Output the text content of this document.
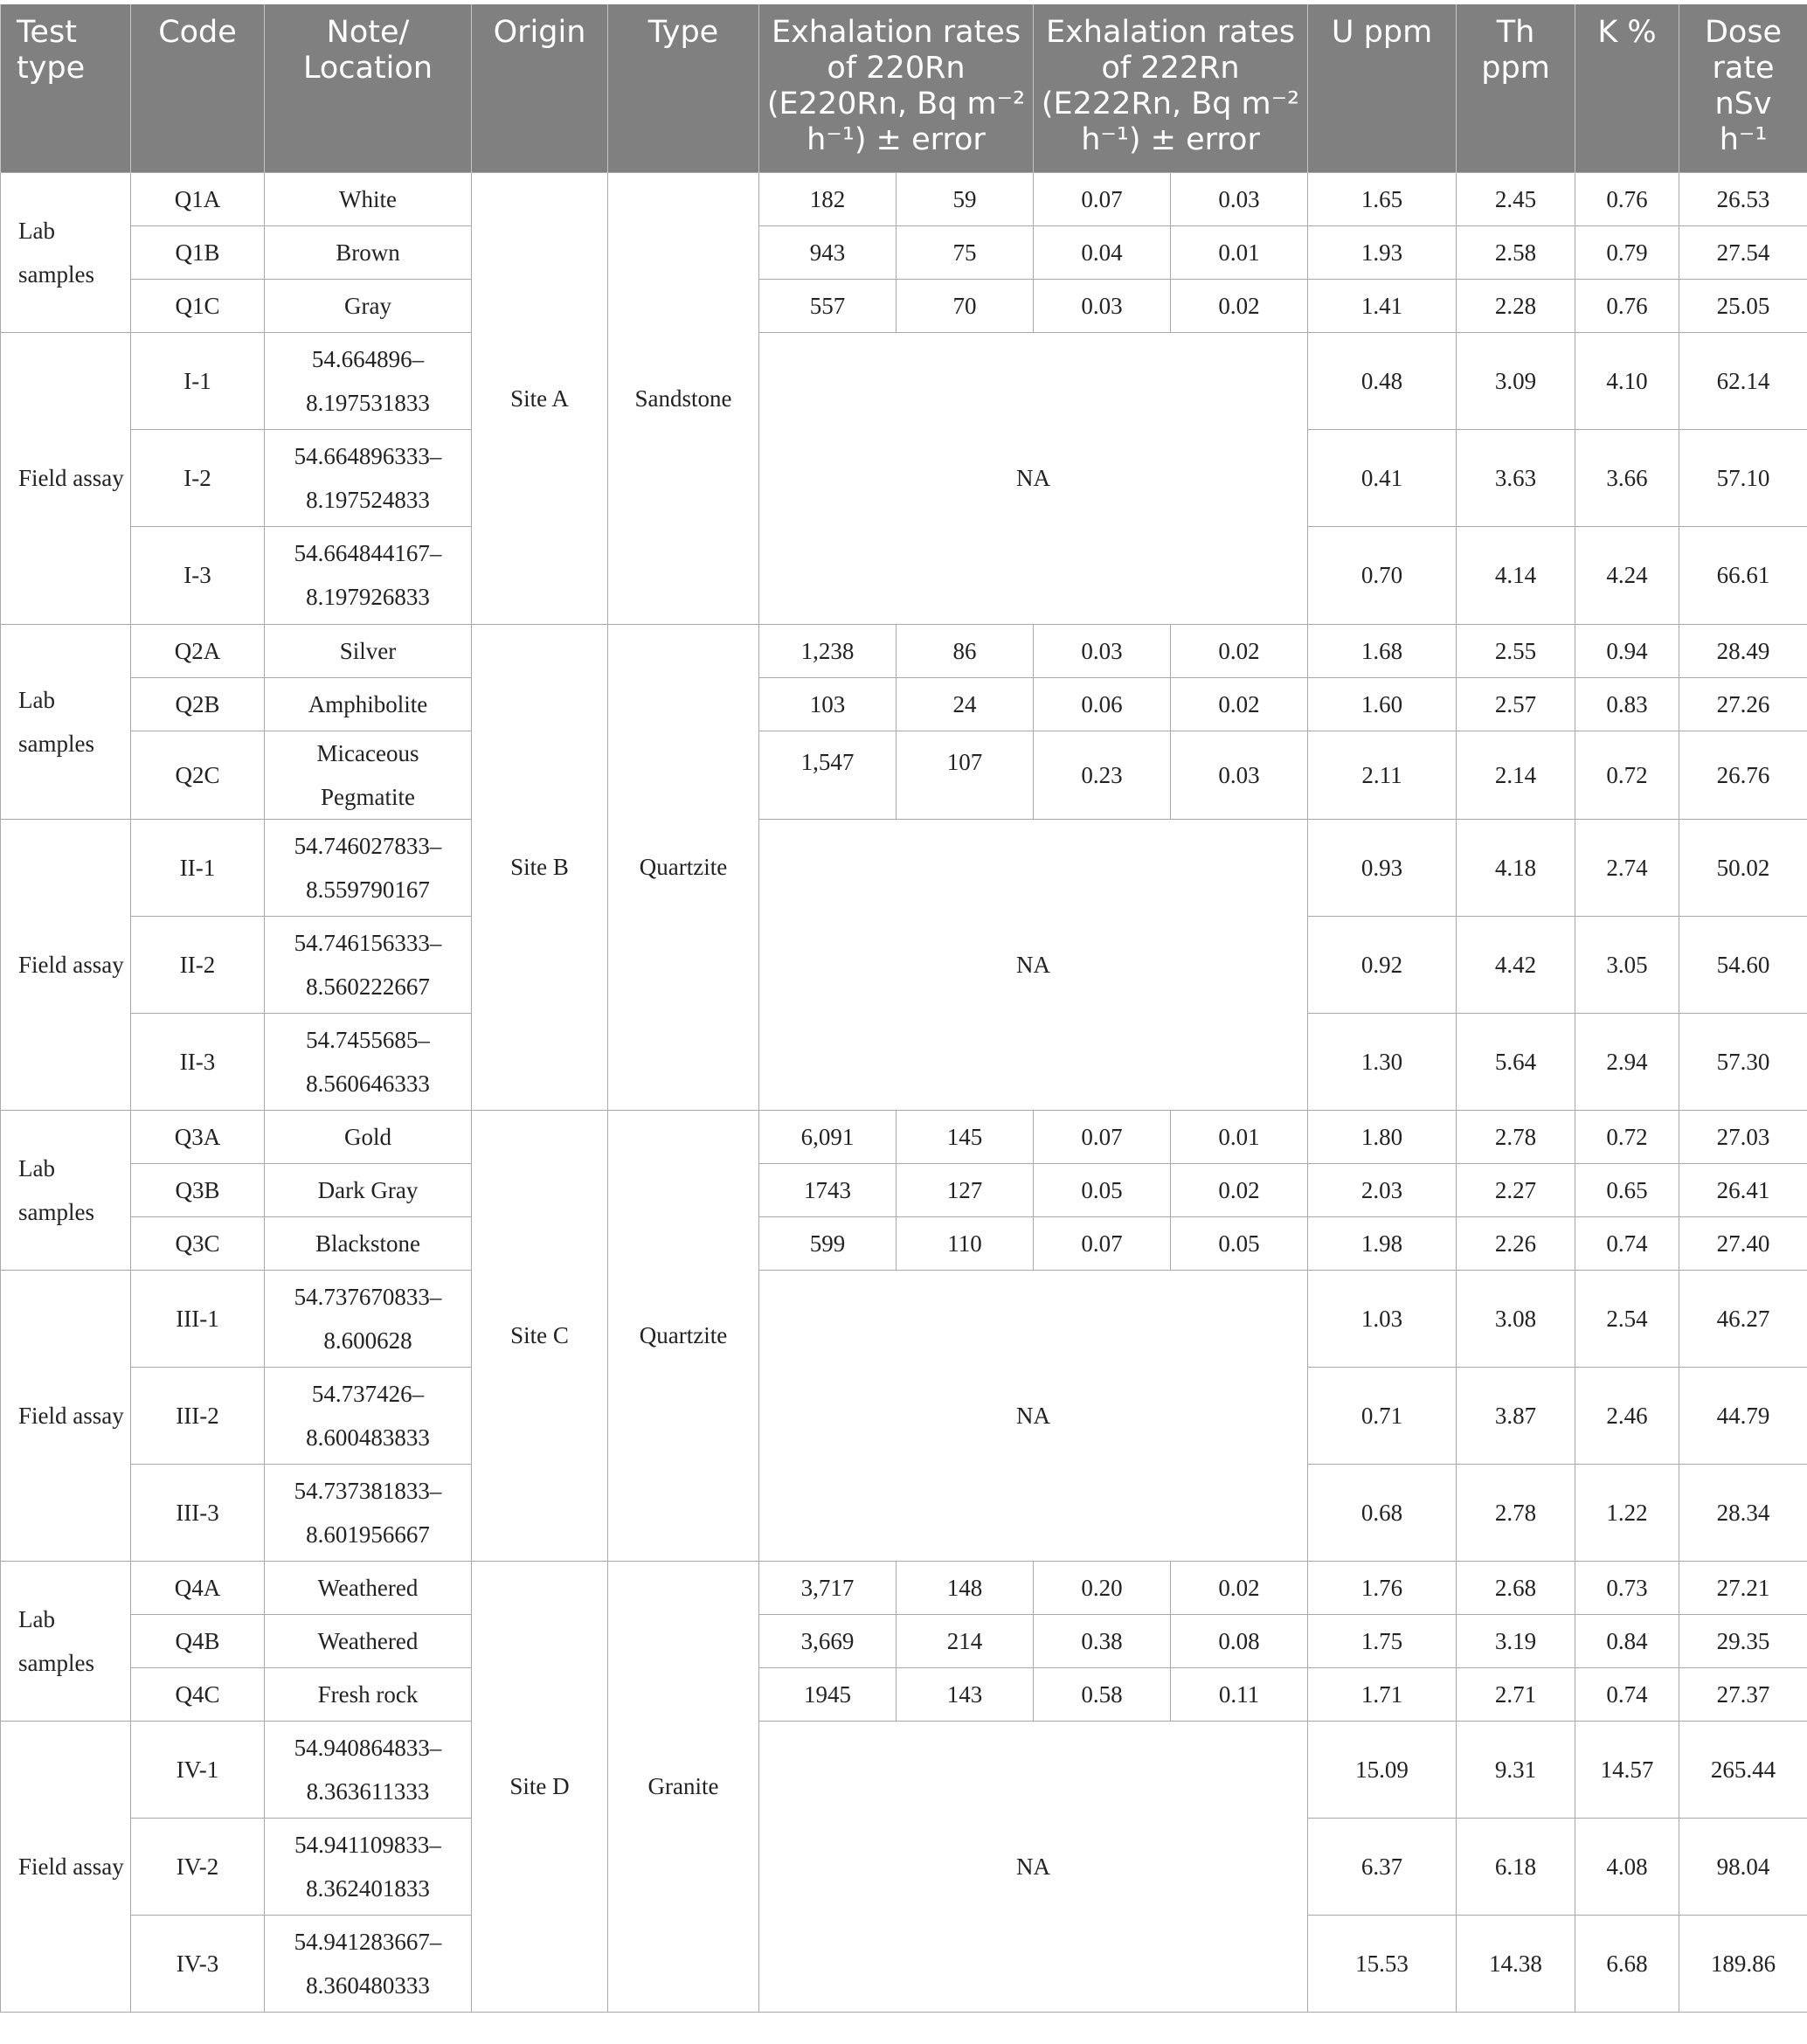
Test type	Code	Note/ Location	Origin	Type	Exhalation rates of 220Rn (E220Rn, Bq m⁻² h⁻¹) ± error		Exhalation rates of 222Rn (E222Rn, Bq m⁻² h⁻¹) ± error		U ppm	Th ppm	K %	Dose rate nSv h⁻¹
Lab samples	Q1A	White	Site A	Sandstone	182	59	0.07	0.03	1.65	2.45	0.76	26.53
	Q1B	Brown			943	75	0.04	0.01	1.93	2.58	0.79	27.54
	Q1C	Gray			557	70	0.03	0.02	1.41	2.28	0.76	25.05
Field assay	I-1	54.664896– 8.197531833			NA				0.48	3.09	4.10	62.14
	I-2	54.664896333– 8.197524833							0.41	3.63	3.66	57.10
	I-3	54.664844167– 8.197926833							0.70	4.14	4.24	66.61
Lab samples	Q2A	Silver	Site B	Quartzite	1,238	86	0.03	0.02	1.68	2.55	0.94	28.49
	Q2B	Amphibolite			103	24	0.06	0.02	1.60	2.57	0.83	27.26
	Q2C	Micaceous Pegmatite			1,547	107	0.23	0.03	2.11	2.14	0.72	26.76
Field assay	II-1	54.746027833– 8.559790167			NA				0.93	4.18	2.74	50.02
	II-2	54.746156333– 8.560222667							0.92	4.42	3.05	54.60
	II-3	54.7455685– 8.560646333							1.30	5.64	2.94	57.30
Lab samples	Q3A	Gold	Site C	Quartzite	6,091	145	0.07	0.01	1.80	2.78	0.72	27.03
	Q3B	Dark Gray			1743	127	0.05	0.02	2.03	2.27	0.65	26.41
	Q3C	Blackstone			599	110	0.07	0.05	1.98	2.26	0.74	27.40
Field assay	III-1	54.737670833– 8.600628			NA				1.03	3.08	2.54	46.27
	III-2	54.737426– 8.600483833							0.71	3.87	2.46	44.79
	III-3	54.737381833– 8.601956667							0.68	2.78	1.22	28.34
Lab samples	Q4A	Weathered	Site D	Granite	3,717	148	0.20	0.02	1.76	2.68	0.73	27.21
	Q4B	Weathered			3,669	214	0.38	0.08	1.75	3.19	0.84	29.35
	Q4C	Fresh rock			1945	143	0.58	0.11	1.71	2.71	0.74	27.37
Field assay	IV-1	54.940864833– 8.363611333			NA				15.09	9.31	14.57	265.44
	IV-2	54.941109833– 8.362401833							6.37	6.18	4.08	98.04
	IV-3	54.941283667– 8.360480333							15.53	14.38	6.68	189.86
